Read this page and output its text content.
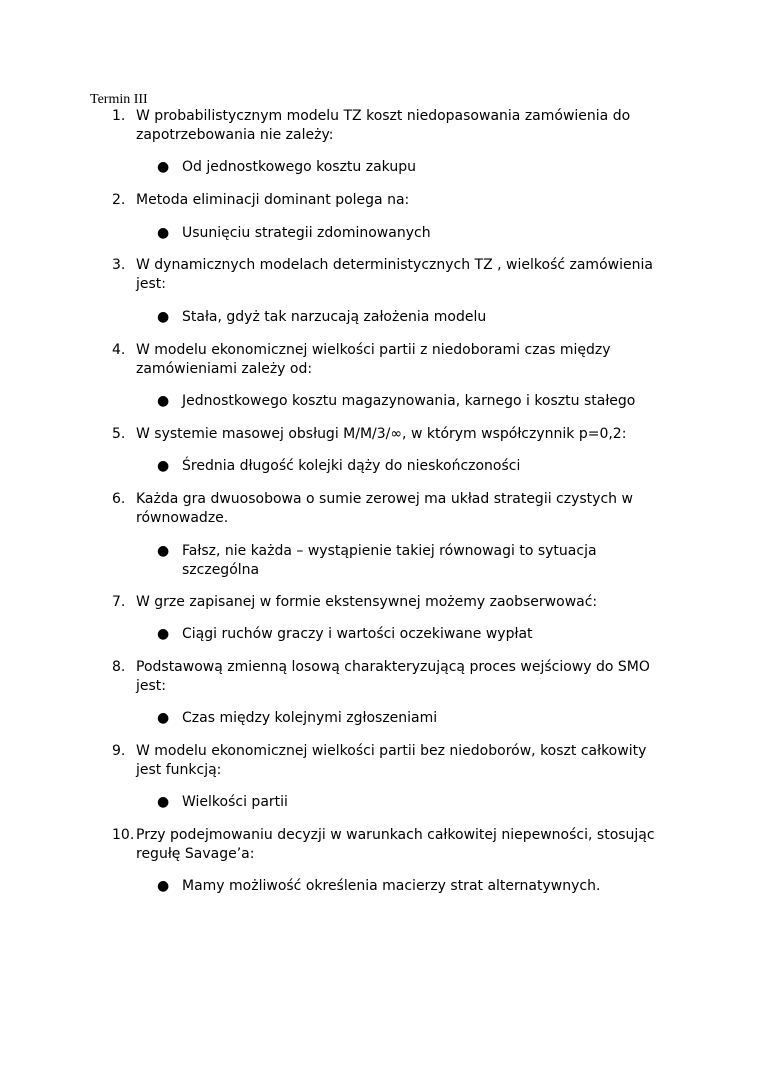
Termin III
1. W probabilistycznym modelu TZ koszt niedopasowania zamówienia do zapotrzebowania nie zależy:
● Od jednostkowego kosztu zakupu
2. Metoda eliminacji dominant polega na:
● Usunięciu strategii zdominowanych
3. W dynamicznych modelach deterministycznych TZ , wielkość zamówienia jest:
● Stała, gdyż tak narzucają założenia modelu
4. W modelu ekonomicznej wielkości partii z niedoborami czas między zamówieniami zależy od:
● Jednostkowego kosztu magazynowania, karnego i kosztu stałego
5. W systemie masowej obsługi M/M/3/∞, w którym współczynnik p=0,2:
● Średnia długość kolejki dąży do nieskończoności
6. Każda gra dwuosobowa o sumie zerowej ma układ strategii czystych w równowadze.
● Fałsz, nie każda – wystąpienie takiej równowagi to sytuacja szczególna
7. W grze zapisanej w formie ekstensywnej możemy zaobserwować:
● Ciągi ruchów graczy i wartości oczekiwane wypłat
8. Podstawową zmienną losową charakteryzującą proces wejściowy do SMO jest:
● Czas między kolejnymi zgłoszeniami
9. W modelu ekonomicznej wielkości partii bez niedoborów, koszt całkowity jest funkcją:
● Wielkości partii
10. Przy podejmowaniu decyzji w warunkach całkowitej niepewności, stosując regułę Savage’a:
● Mamy możliwość określenia macierzy strat alternatywnych.
